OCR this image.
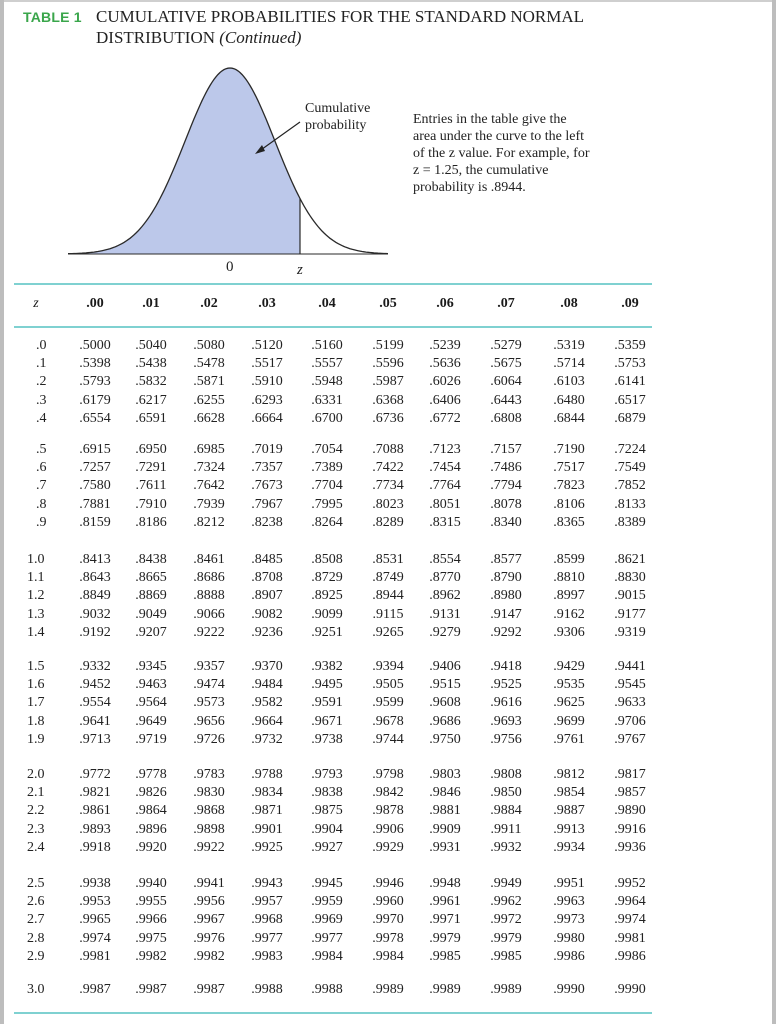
TABLE 1 CUMULATIVE PROBABILITIES FOR THE STANDARD NORMAL DISTRIBUTION (Continued)
Cumulative probability	Entries in the table give the area under the curve to the left of the z value. For example, for z = 1.25, the cumulative probability is .8944.
0	z
z	.00	.01	.02	.03	.04	.05	.06	.07	.08	.09
.0 .5000 .5040 .5080 .5120 .5160 .5199 .5239 .5279 .5319 .5359
.1 .5398 .5438 .5478 .5517 .5557 .5596 .5636 .5675 .5714 .5753
.2 .5793 .5832 .5871 .5910 .5948 .5987 .6026 .6064 .6103 .6141
.3 .6179 .6217 .6255 .6293 .6331 .6368 .6406 .6443 .6480 .6517
.4 .6554 .6591 .6628 .6664 .6700 .6736 .6772 .6808 .6844 .6879
.5 .6915 .6950 .6985 .7019 .7054 .7088 .7123 .7157 .7190 .7224
.6 .7257 .7291 .7324 .7357 .7389 .7422 .7454 .7486 .7517 .7549
.7 .7580 .7611 .7642 .7673 .7704 .7734 .7764 .7794 .7823 .7852
.8 .7881 .7910 .7939 .7967 .7995 .8023 .8051 .8078 .8106 .8133
.9 .8159 .8186 .8212 .8238 .8264 .8289 .8315 .8340 .8365 .8389
1.0 .8413 .8438 .8461 .8485 .8508 .8531 .8554 .8577 .8599 .8621
1.1 .8643 .8665 .8686 .8708 .8729 .8749 .8770 .8790 .8810 .8830
1.2 .8849 .8869 .8888 .8907 .8925 .8944 .8962 .8980 .8997 .9015
1.3 .9032 .9049 .9066 .9082 .9099 .9115 .9131 .9147 .9162 .9177
1.4 .9192 .9207 .9222 .9236 .9251 .9265 .9279 .9292 .9306 .9319
1.5 .9332 .9345 .9357 .9370 .9382 .9394 .9406 .9418 .9429 .9441
1.6 .9452 .9463 .9474 .9484 .9495 .9505 .9515 .9525 .9535 .9545
1.7 .9554 .9564 .9573 .9582 .9591 .9599 .9608 .9616 .9625 .9633
1.8 .9641 .9649 .9656 .9664 .9671 .9678 .9686 .9693 .9699 .9706
1.9 .9713 .9719 .9726 .9732 .9738 .9744 .9750 .9756 .9761 .9767
2.0 .9772 .9778 .9783 .9788 .9793 .9798 .9803 .9808 .9812 .9817
2.1 .9821 .9826 .9830 .9834 .9838 .9842 .9846 .9850 .9854 .9857
2.2 .9861 .9864 .9868 .9871 .9875 .9878 .9881 .9884 .9887 .9890
2.3 .9893 .9896 .9898 .9901 .9904 .9906 .9909 .9911 .9913 .9916
2.4 .9918 .9920 .9922 .9925 .9927 .9929 .9931 .9932 .9934 .9936
2.5 .9938 .9940 .9941 .9943 .9945 .9946 .9948 .9949 .9951 .9952
2.6 .9953 .9955 .9956 .9957 .9959 .9960 .9961 .9962 .9963 .9964
2.7 .9965 .9966 .9967 .9968 .9969 .9970 .9971 .9972 .9973 .9974
2.8 .9974 .9975 .9976 .9977 .9977 .9978 .9979 .9979 .9980 .9981
2.9 .9981 .9982 .9982 .9983 .9984 .9984 .9985 .9985 .9986 .9986
3.0 .9987 .9987 .9987 .9988 .9988 .9989 .9989 .9989 .9990 .9990
